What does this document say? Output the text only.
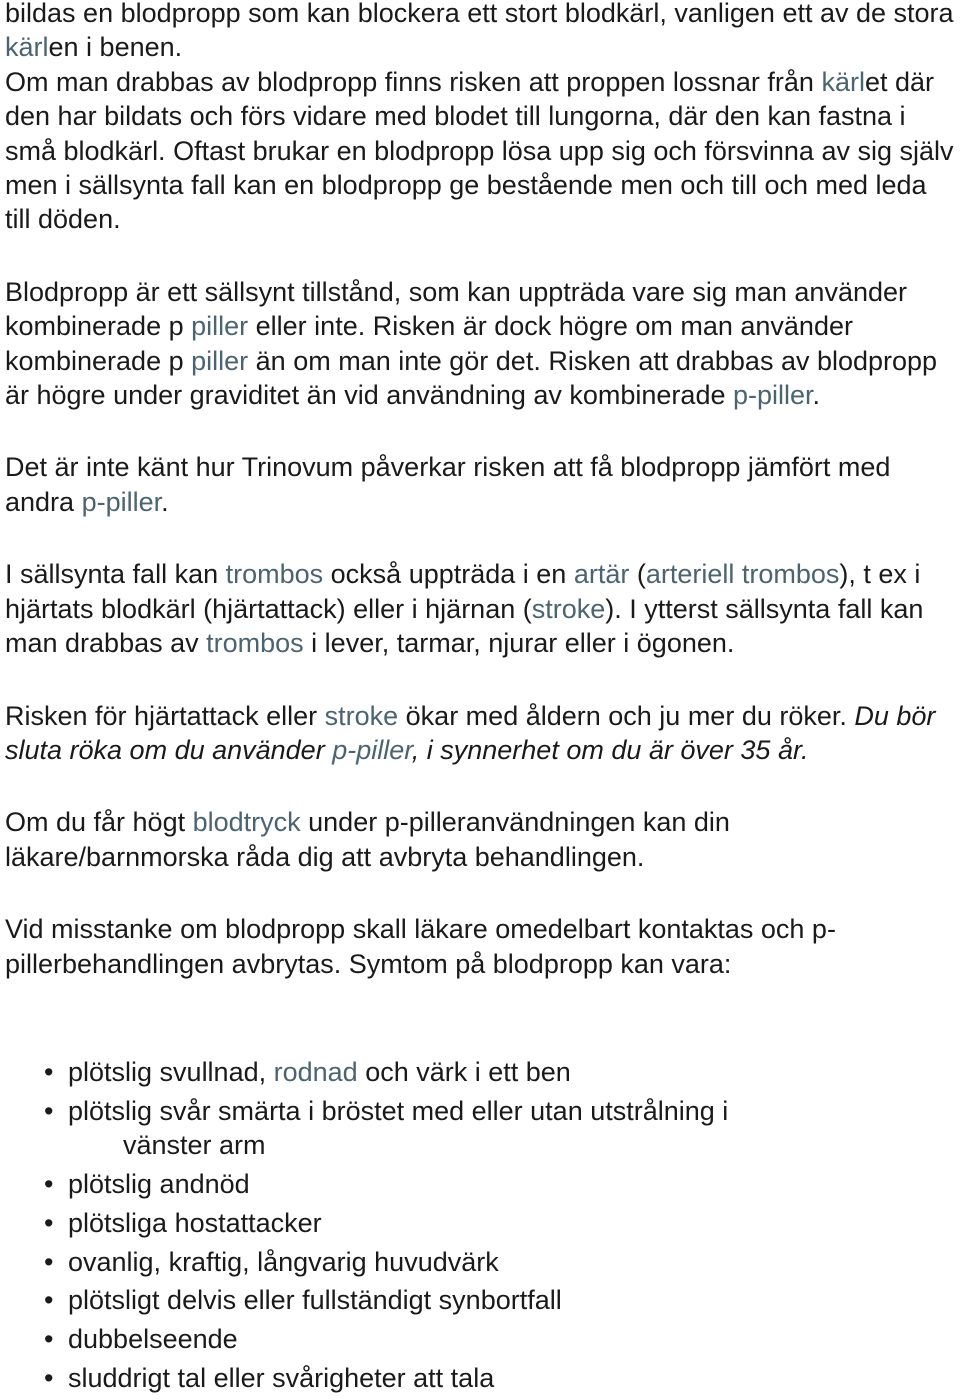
bildas en blodpropp som kan blockera ett stort blodkärl, vanligen ett av de stora kärlen i benen.
Om man drabbas av blodpropp finns risken att proppen lossnar från kärlet där den har bildats och förs vidare med blodet till lungorna, där den kan fastna i små blodkärl. Oftast brukar en blodpropp lösa upp sig och försvinna av sig själv men i sällsynta fall kan en blodpropp ge bestående men och till och med leda till döden.

Blodpropp är ett sällsynt tillstånd, som kan uppträda vare sig man använder kombinerade p piller eller inte. Risken är dock högre om man använder kombinerade p piller än om man inte gör det. Risken att drabbas av blodpropp är högre under graviditet än vid användning av kombinerade p-piller.

Det är inte känt hur Trinovum påverkar risken att få blodpropp jämfört med andra p-piller.

I sällsynta fall kan trombos också uppträda i en artär (arteriell trombos), t ex i hjärtats blodkärl (hjärtattack) eller i hjärnan (stroke). I ytterst sällsynta fall kan man drabbas av trombos i lever, tarmar, njurar eller i ögonen.

Risken för hjärtattack eller stroke ökar med åldern och ju mer du röker. Du bör sluta röka om du använder p-piller, i synnerhet om du är över 35 år.

Om du får högt blodtryck under p-pilleranvändningen kan din läkare/barnmorska råda dig att avbryta behandlingen.

Vid misstanke om blodpropp skall läkare omedelbart kontaktas och p-pillerbehandlingen avbrytas. Symtom på blodpropp kan vara:

• plötslig svullnad, rodnad och värk i ett ben
• plötslig svår smärta i bröstet med eller utan utstrålning i
vänster arm
• plötslig andnöd
• plötsliga hostattacker
• ovanlig, kraftig, långvarig huvudvärk
• plötsligt delvis eller fullständigt synbortfall
• dubbelseende
• sluddrigt tal eller svårigheter att tala
